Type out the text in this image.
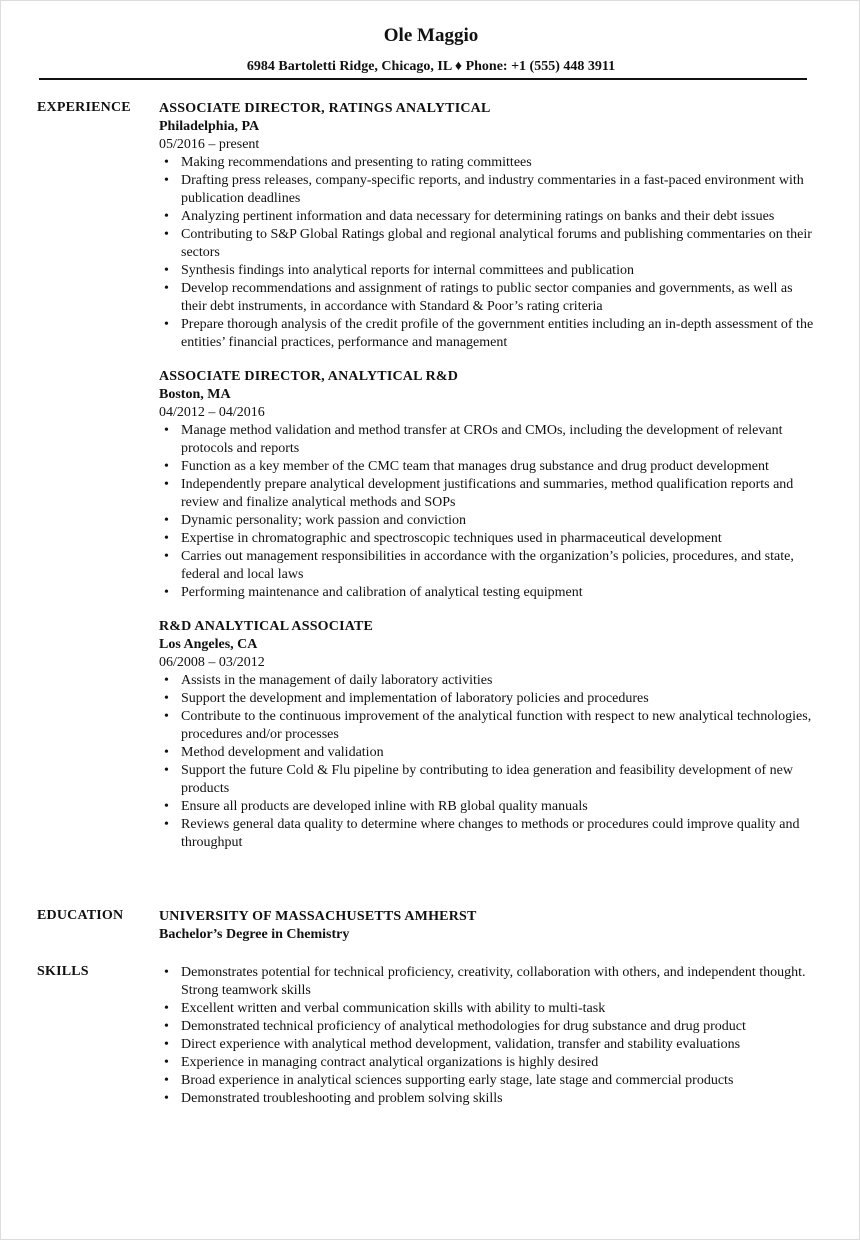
Ole Maggio
6984 Bartoletti Ridge, Chicago, IL ♦ Phone: +1 (555) 448 3911
EXPERIENCE ASSOCIATE DIRECTOR, RATINGS ANALYTICAL
Philadelphia, PA
05/2016 – present
• Making recommendations and presenting to rating committees
• Drafting press releases, company-specific reports, and industry commentaries in a fast-paced environment with publication deadlines
• Analyzing pertinent information and data necessary for determining ratings on banks and their debt issues
• Contributing to S&P Global Ratings global and regional analytical forums and publishing commentaries on their sectors
• Synthesis findings into analytical reports for internal committees and publication
• Develop recommendations and assignment of ratings to public sector companies and governments, as well as their debt instruments, in accordance with Standard & Poor’s rating criteria
• Prepare thorough analysis of the credit profile of the government entities including an in-depth assessment of the entities’ financial practices, performance and management
ASSOCIATE DIRECTOR, ANALYTICAL R&D
Boston, MA
04/2012 – 04/2016
• Manage method validation and method transfer at CROs and CMOs, including the development of relevant protocols and reports
• Function as a key member of the CMC team that manages drug substance and drug product development
• Independently prepare analytical development justifications and summaries, method qualification reports and review and finalize analytical methods and SOPs
• Dynamic personality; work passion and conviction
• Expertise in chromatographic and spectroscopic techniques used in pharmaceutical development
• Carries out management responsibilities in accordance with the organization’s policies, procedures, and state, federal and local laws
• Performing maintenance and calibration of analytical testing equipment
R&D ANALYTICAL ASSOCIATE
Los Angeles, CA
06/2008 – 03/2012
• Assists in the management of daily laboratory activities
• Support the development and implementation of laboratory policies and procedures
• Contribute to the continuous improvement of the analytical function with respect to new analytical technologies, procedures and/or processes
• Method development and validation
• Support the future Cold & Flu pipeline by contributing to idea generation and feasibility development of new products
• Ensure all products are developed inline with RB global quality manuals
• Reviews general data quality to determine where changes to methods or procedures could improve quality and throughput
EDUCATION	UNIVERSITY OF MASSACHUSETTS AMHERST
Bachelor’s Degree in Chemistry
SKILLS
•	Demonstrates potential for technical proficiency, creativity, collaboration with others, and independent thought. Strong teamwork skills
• Excellent written and verbal communication skills with ability to multi-task
• Demonstrated technical proficiency of analytical methodologies for drug substance and drug product
• Direct experience with analytical method development, validation, transfer and stability evaluations
• Experience in managing contract analytical organizations is highly desired
• Broad experience in analytical sciences supporting early stage, late stage and commercial products
• Demonstrated troubleshooting and problem solving skills
